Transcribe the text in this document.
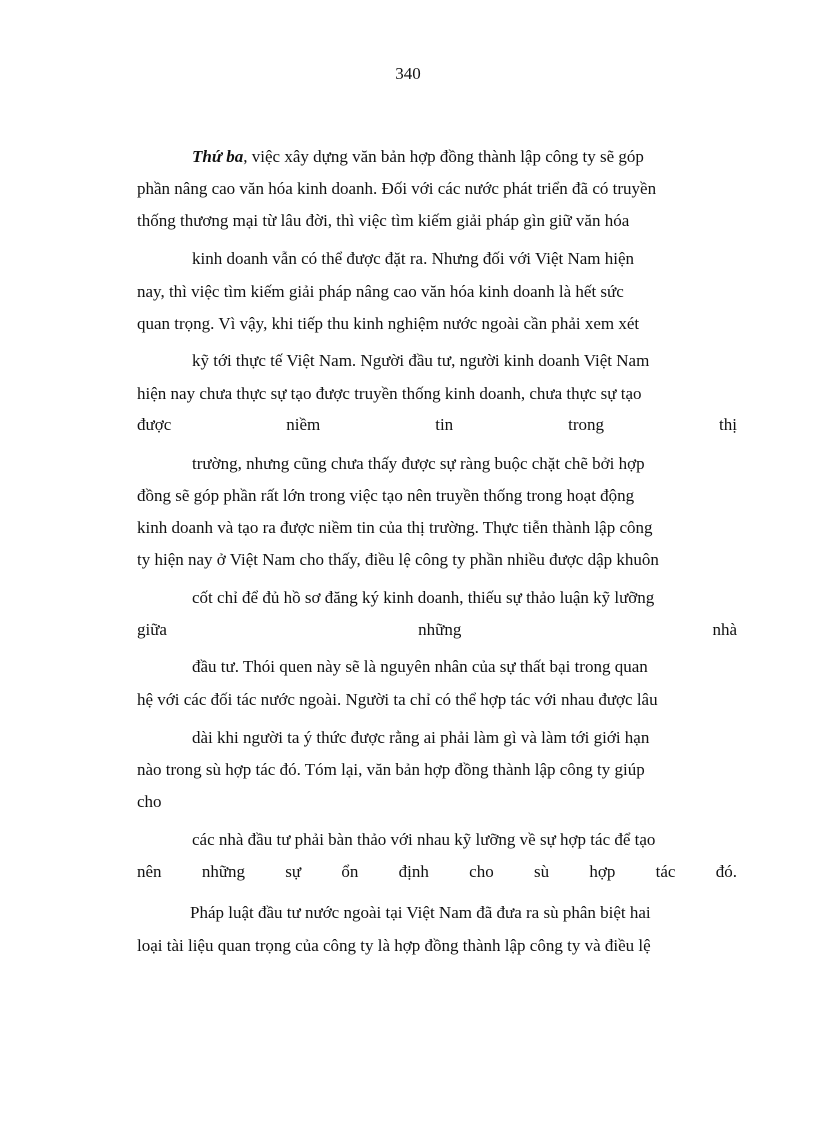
340
Thứ ba, việc xây dựng văn bản hợp đồng thành lập công ty sẽ góp
phần nâng cao văn hóa kinh doanh. Đối với các nước phát triển đã có truyền
thống thương mại từ lâu đời, thì việc tìm kiếm giải pháp gìn giữ văn hóa
kinh doanh vẫn có thể được đặt ra. Nhưng đối với Việt Nam hiện
nay, thì việc tìm kiếm giải pháp nâng cao văn hóa kinh doanh là hết sức
quan trọng. Vì vậy, khi tiếp thu kinh nghiệm nước ngoài cần phải xem xét
kỹ tới thực tế Việt Nam. Người đầu tư, người kinh doanh Việt Nam
hiện nay chưa thực sự tạo được truyền thống kinh doanh, chưa thực sự tạo
được	niềm	tin	trong	thị
trường, nhưng cũng chưa thấy được sự ràng buộc chặt chẽ bởi hợp
đồng sẽ góp phần rất lớn trong việc tạo nên truyền thống trong hoạt động
kinh doanh và tạo ra được niềm tin của thị trường. Thực tiễn thành lập công
ty hiện nay ở Việt Nam cho thấy, điều lệ công ty phần nhiều được dập khuôn
cốt chỉ để đủ hồ sơ đăng ký kinh doanh, thiếu sự thảo luận kỹ lưỡng
giữa	những	nhà
đầu tư. Thói quen này sẽ là nguyên nhân của sự thất bại trong quan
hệ với các đối tác nước ngoài. Người ta chỉ có thể hợp tác với nhau được lâu
dài khi người ta ý thức được rằng ai phải làm gì và làm tới giới hạn
nào trong sù hợp tác đó. Tóm lại, văn bản hợp đồng thành lập công ty giúp
cho
các nhà đầu tư phải bàn thảo với nhau kỹ lưỡng về sự hợp tác để tạo
nên những sự ổn định cho sù hợp tác đó.
Pháp luật đầu tư nước ngoài tại Việt Nam đã đưa ra sù phân biệt hai
loại tài liệu quan trọng của công ty là hợp đồng thành lập công ty và điều lệ
